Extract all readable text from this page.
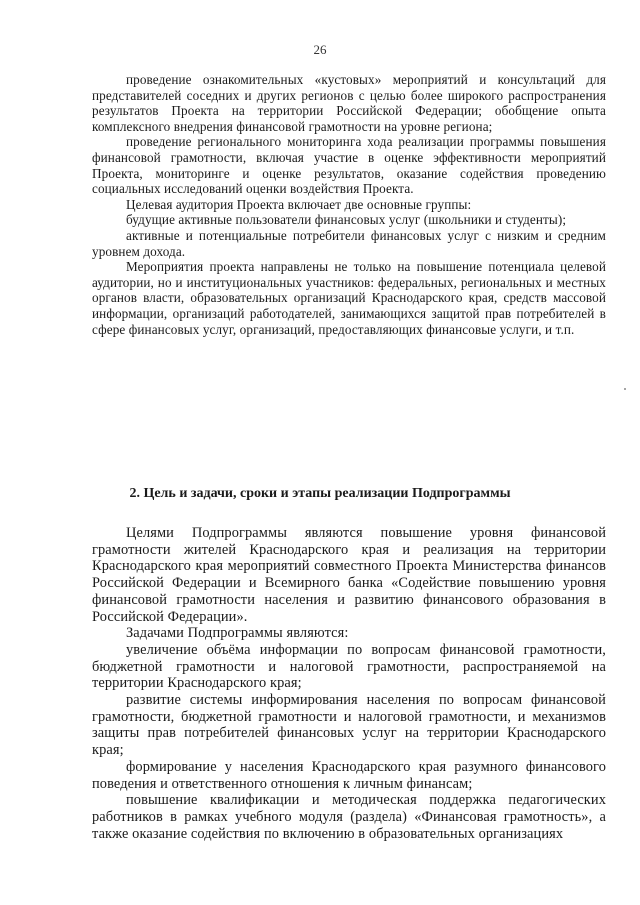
26

проведение ознакомительных «кустовых» мероприятий и консультаций для представителей соседних и других регионов с целью более широкого распространения результатов Проекта на территории Российской Федерации; обобщение опыта комплексного внедрения финансовой грамотности на уровне региона;

проведение регионального мониторинга хода реализации программы повышения финансовой грамотности, включая участие в оценке эффективности мероприятий Проекта, мониторинге и оценке результатов, оказание содействия проведению социальных исследований оценки воздействия Проекта.

Целевая аудитория Проекта включает две основные группы:

будущие активные пользователи финансовых услуг (школьники и студенты);

активные и потенциальные потребители финансовых услуг с низким и средним уровнем дохода.

Мероприятия проекта направлены не только на повышение потенциала целевой аудитории, но и институциональных участников: федеральных, региональных и местных органов власти, образовательных организаций Краснодарского края, средств массовой информации, организаций работодателей, занимающихся защитой прав потребителей в сфере финансовых услуг, организаций, предоставляющих финансовые услуги, и т.п.

2. Цель и задачи, сроки и этапы реализации Подпрограммы

Целями Подпрограммы являются повышение уровня финансовой грамотности жителей Краснодарского края и реализация на территории Краснодарского края мероприятий совместного Проекта Министерства финансов Российской Федерации и Всемирного банка «Содействие повышению уровня финансовой грамотности населения и развитию финансового образования в Российской Федерации».

Задачами Подпрограммы являются:

увеличение объёма информации по вопросам финансовой грамотности, бюджетной грамотности и налоговой грамотности, распространяемой на территории Краснодарского края;

развитие системы информирования населения по вопросам финансовой грамотности, бюджетной грамотности и налоговой грамотности, и механизмов защиты прав потребителей финансовых услуг на территории Краснодарского края;

формирование у населения Краснодарского края разумного финансового поведения и ответственного отношения к личным финансам;

повышение квалификации и методическая поддержка педагогических работников в рамках учебного модуля (раздела) «Финансовая грамотность», а также оказание содействия по включению в образовательных организациях
